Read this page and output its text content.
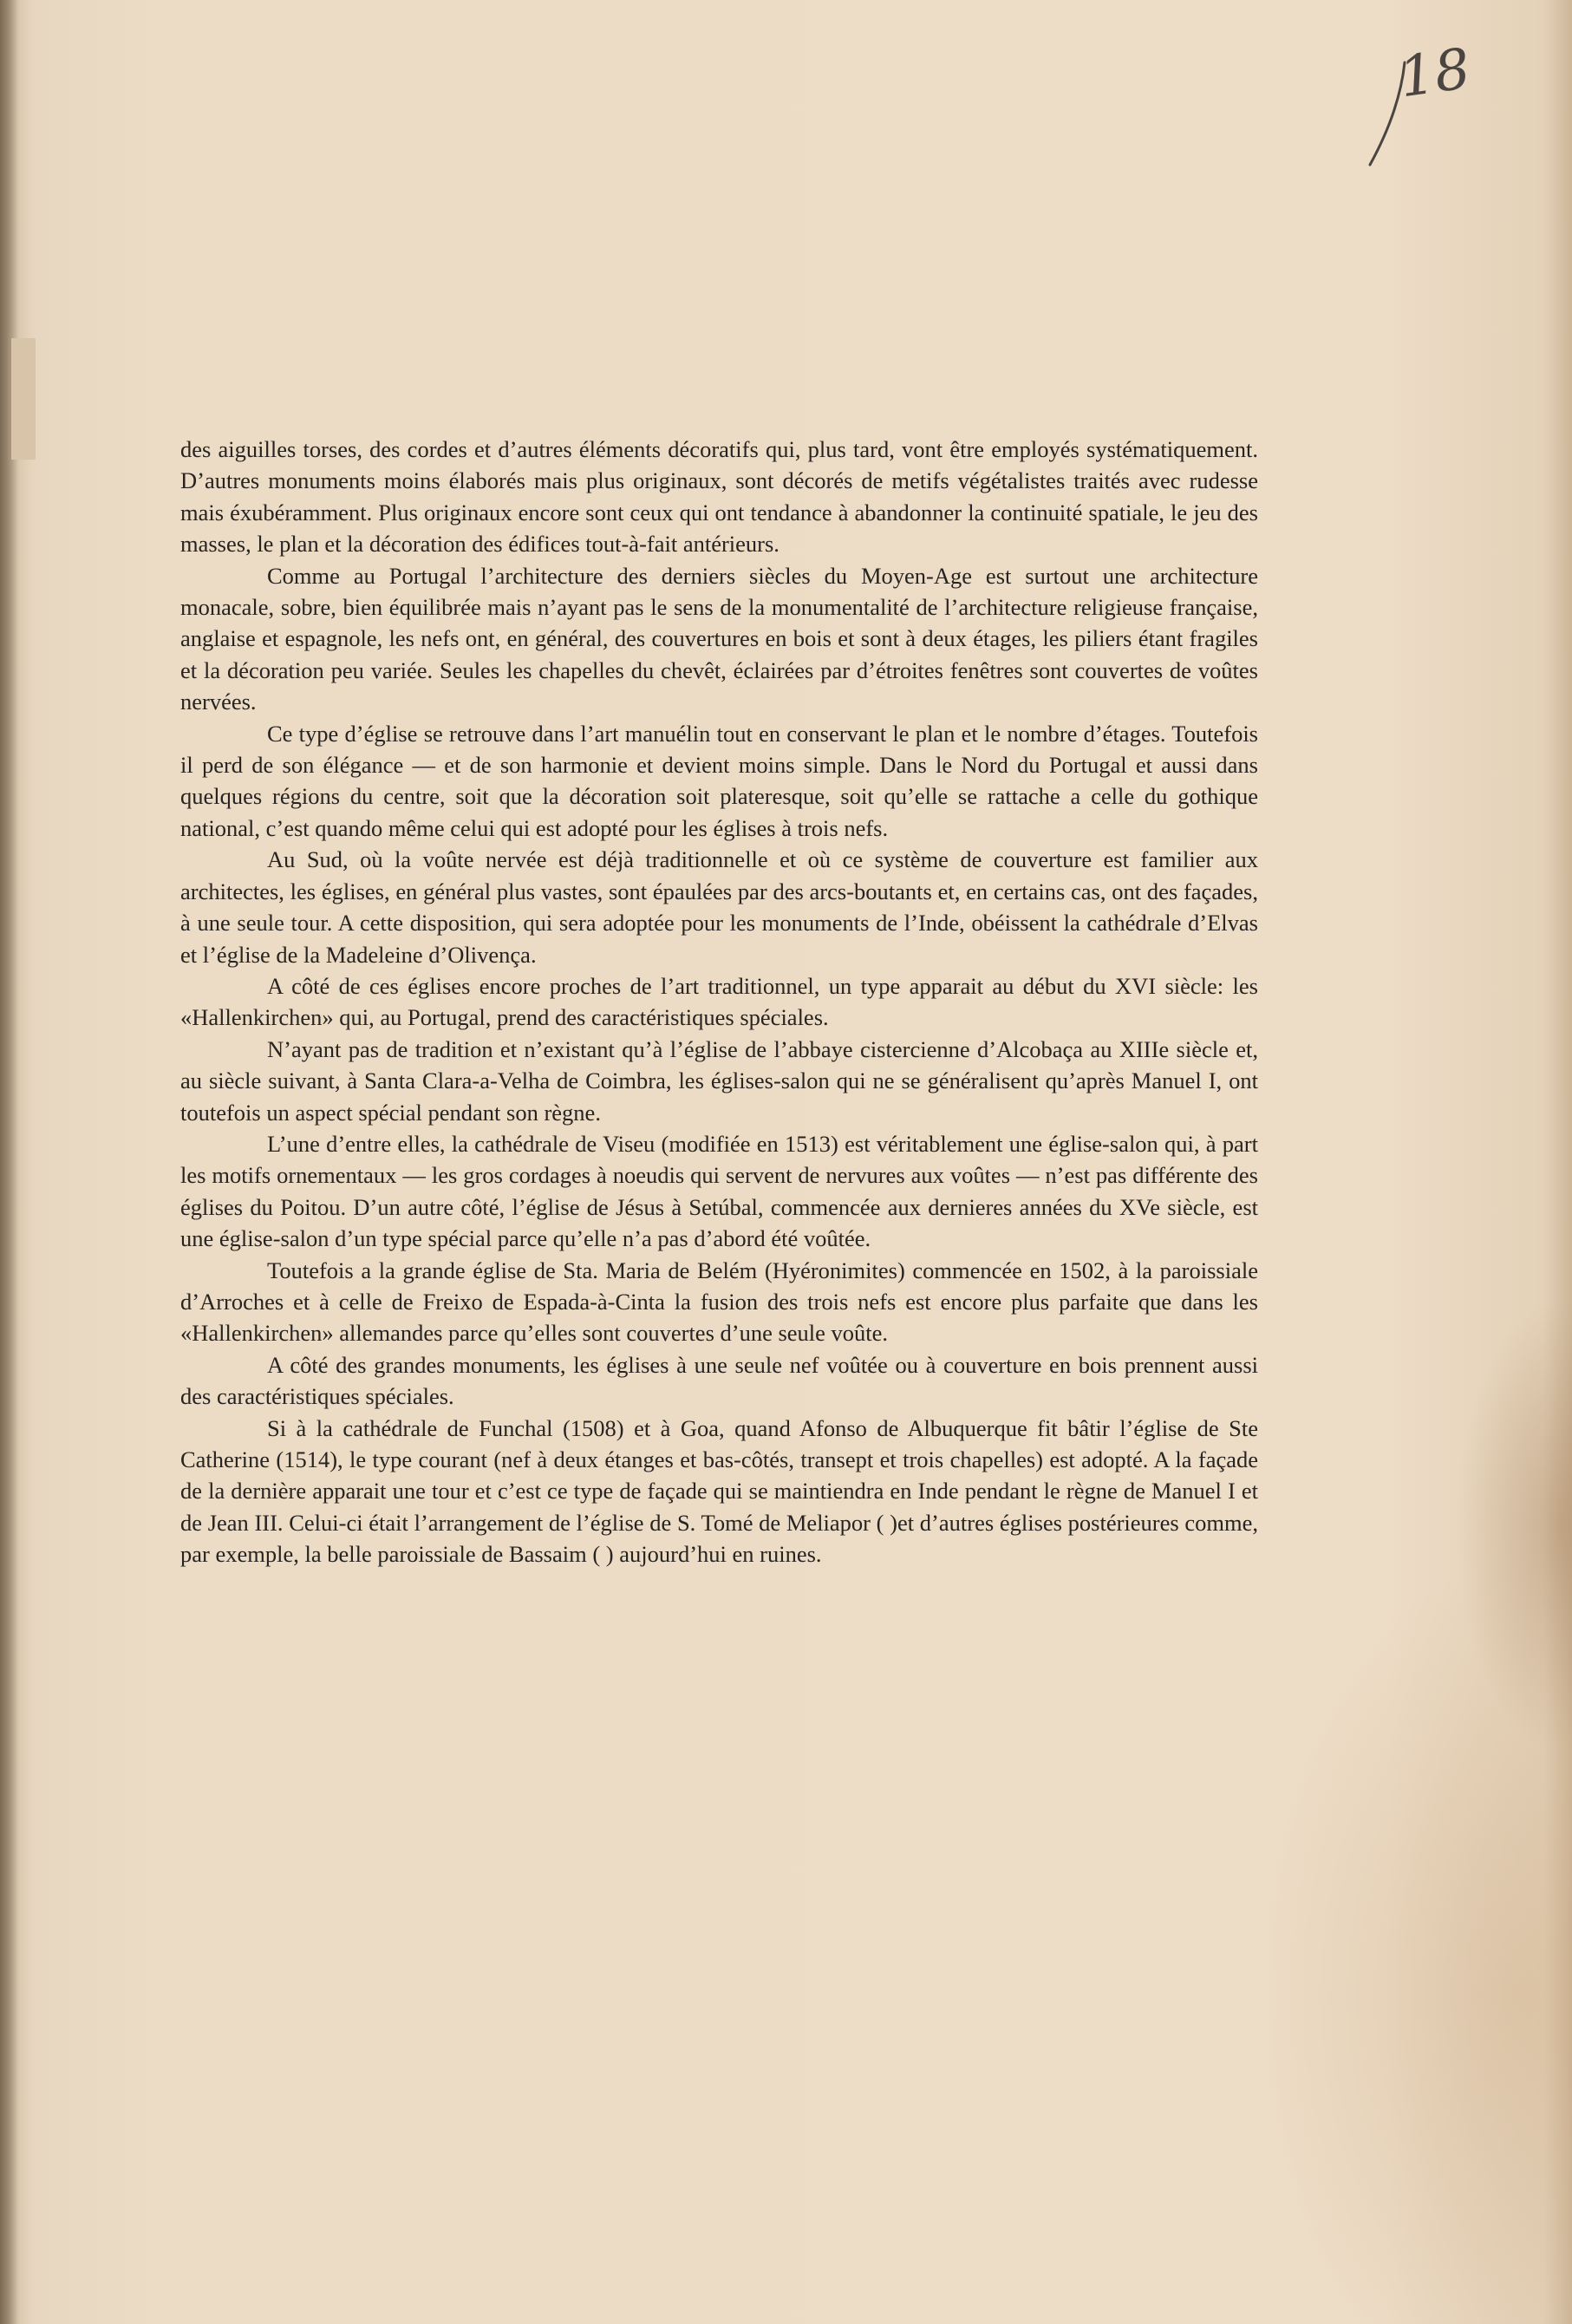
18

des aiguilles torses, des cordes et d’autres éléments décoratifs qui, plus tard, vont être employés systématiquement. D’autres monuments moins élaborés mais plus originaux, sont décorés de metifs végétalistes traités avec rudesse mais éxubéramment. Plus originaux encore sont ceux qui ont tendance à abandonner la continuité spatiale, le jeu des masses, le plan et la décoration des édifices tout-à-fait antérieurs.

Comme au Portugal l’architecture des derniers siècles du Moyen-Age est surtout une architecture monacale, sobre, bien équilibrée mais n’ayant pas le sens de la monumentalité de l’architecture religieuse française, anglaise et espagnole, les nefs ont, en général, des couvertures en bois et sont à deux étages, les piliers étant fragiles et la décoration peu variée. Seules les chapelles du chevêt, éclairées par d’étroites fenêtres sont couvertes de voûtes nervées.

Ce type d’église se retrouve dans l’art manuélin tout en conservant le plan et le nombre d’étages. Toutefois il perd de son élégance — et de son harmonie et devient moins simple. Dans le Nord du Portugal et aussi dans quelques régions du centre, soit que la décoration soit plateresque, soit qu’elle se rattache a celle du gothique national, c’est quando même celui qui est adopté pour les églises à trois nefs.

Au Sud, où la voûte nervée est déjà traditionnelle et où ce système de couverture est familier aux architectes, les églises, en général plus vastes, sont épaulées par des arcs-boutants et, en certains cas, ont des façades, à une seule tour. A cette disposition, qui sera adoptée pour les monuments de l’Inde, obéissent la cathédrale d’Elvas et l’église de la Madeleine d’Olivença.

A côté de ces églises encore proches de l’art traditionnel, un type apparait au début du XVI siècle: les «Hallenkirchen» qui, au Portugal, prend des caractéristiques spéciales.

N’ayant pas de tradition et n’existant qu’à l’église de l’abbaye cistercienne d’Alcobaça au XIIIe siècle et, au siècle suivant, à Santa Clara-a-Velha de Coimbra, les églises-salon qui ne se généralisent qu’après Manuel I, ont toutefois un aspect spécial pendant son règne.

L’une d’entre elles, la cathédrale de Viseu (modifiée en 1513) est véritablement une église-salon qui, à part les motifs ornementaux — les gros cordages à noeudis qui servent de nervures aux voûtes — n’est pas différente des églises du Poitou. D’un autre côté, l’église de Jésus à Setúbal, commencée aux dernieres années du XVe siècle, est une église-salon d’un type spécial parce qu’elle n’a pas d’abord été voûtée.

Toutefois a la grande église de Sta. Maria de Belém (Hyéronimites) commencée en 1502, à la paroissiale d’Arroches et à celle de Freixo de Espada-à-Cinta la fusion des trois nefs est encore plus parfaite que dans les «Hallenkirchen» allemandes parce qu’elles sont couvertes d’une seule voûte.

A côté des grandes monuments, les églises à une seule nef voûtée ou à couverture en bois prennent aussi des caractéristiques spéciales.

Si à la cathédrale de Funchal (1508) et à Goa, quand Afonso de Albuquerque fit bâtir l’église de Ste Catherine (1514), le type courant (nef à deux étanges et bas-côtés, transept et trois chapelles) est adopté. A la façade de la dernière apparait une tour et c’est ce type de façade qui se maintiendra en Inde pendant le règne de Manuel I et de Jean III. Celui-ci était l’arrangement de l’église de S. Tomé de Meliapor ( )et d’autres églises postérieures comme, par exemple, la belle paroissiale de Bassaim ( ) aujourd’hui en ruines.
